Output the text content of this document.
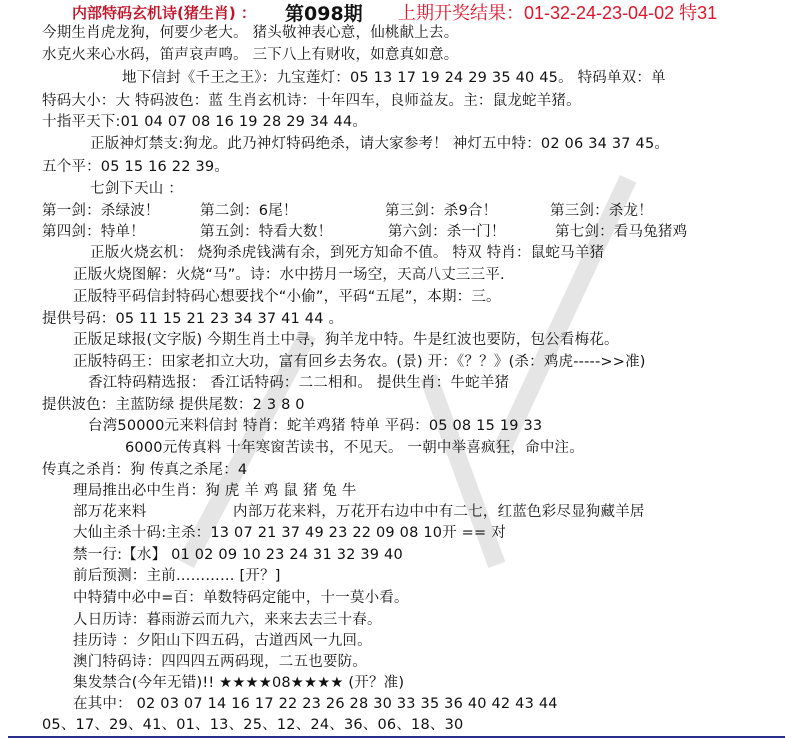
内部特码玄机诗(猪生肖) ： 第098期 上期开奖结果：01-32-24-23-04-02 特31
今期生肖虎龙狗，何要少老大。 猪头敬神表心意，仙桃献上去。
水克火来心水码，笛声哀声鸣。 三下八上有财收，如意真如意。
地下信封《千王之王》：九宝莲灯：05 13 17 19 24 29 35 40 45。 特码单双：单
特码大小：大 特码波色：蓝 生肖玄机诗：十年四车，良师益友。主：鼠龙蛇羊猪。
十指平天下:01 04 07 08 16 19 28 29 34 44。
正版神灯禁支:狗龙。此乃神灯特码绝杀，请大家参考！ 神灯五中特：02 06 34 37 45。
五个平：05 15 16 22 39。
七剑下天山 ：
第一剑：杀绿波！	第二剑：6尾！	第三剑：杀9合！	第三剑：杀龙！
第四剑：特单！	第五剑：特看大数！	第六剑：杀一门！	第七剑：看马兔猪鸡
正版火烧玄机： 烧狗杀虎钱满有余，到死方知命不值。 特双 特肖：鼠蛇马羊猪
正版火烧图解：火烧“马”。诗：水中捞月一场空，天高八丈三三平.
正版特平码信封特码心想要找个“小偷”，平码“五尾”，本期：三。
提供号码：05 11 15 21 23 34 37 41 44 。
正版足球报(文字版) 今期生肖土中寻，狗羊龙中特。牛是红波也要防，包公看梅花。
正版特码王：田家老扣立大功，富有回乡去务农。(景) 开：《？？》(杀：鸡虎----->>准)
香江特码精选报： 香江话特码：二二相和。 提供生肖：牛蛇羊猪
提供波色：主蓝防绿 提供尾数：2 3 8 0
台湾50000元来料信封 特肖：蛇羊鸡猪 特单 平码：05 08 15 19 33
6000元传真料 十年寒窗苦读书，不见天。 一朝中举喜疯狂，命中注。
传真之杀肖：狗 传真之杀尾：4
理局推出必中生肖：狗 虎 羊 鸡 鼠 猪 兔 牛
部万花来料	内部万花来料，万花开右边中中有二七，红蓝色彩尽显狗藏羊居
大仙主杀十码:主杀：13 07 21 37 49 23 22 09 08 10开 == 对
禁一行:【水】 01 02 09 10 23 24 31 32 39 40
前后预测：主前………… [开？]
中特猜中必中=百：单数特码定能中，十一莫小看。
人日历诗：暮雨游云而九六，来来去去三十春。
挂历诗 ：夕阳山下四五码，古道西风一九回。
澳门特码诗：四四四五两码现，二五也要防。
集发禁合(今年无错)!! ★★★★08★★★★ (开？准)
在其中： 02 03 07 14 16 17 22 23 26 28 30 33 35 36 40 42 43 44
05、17、29、41、01、13、25、12、24、36、06、18、30
